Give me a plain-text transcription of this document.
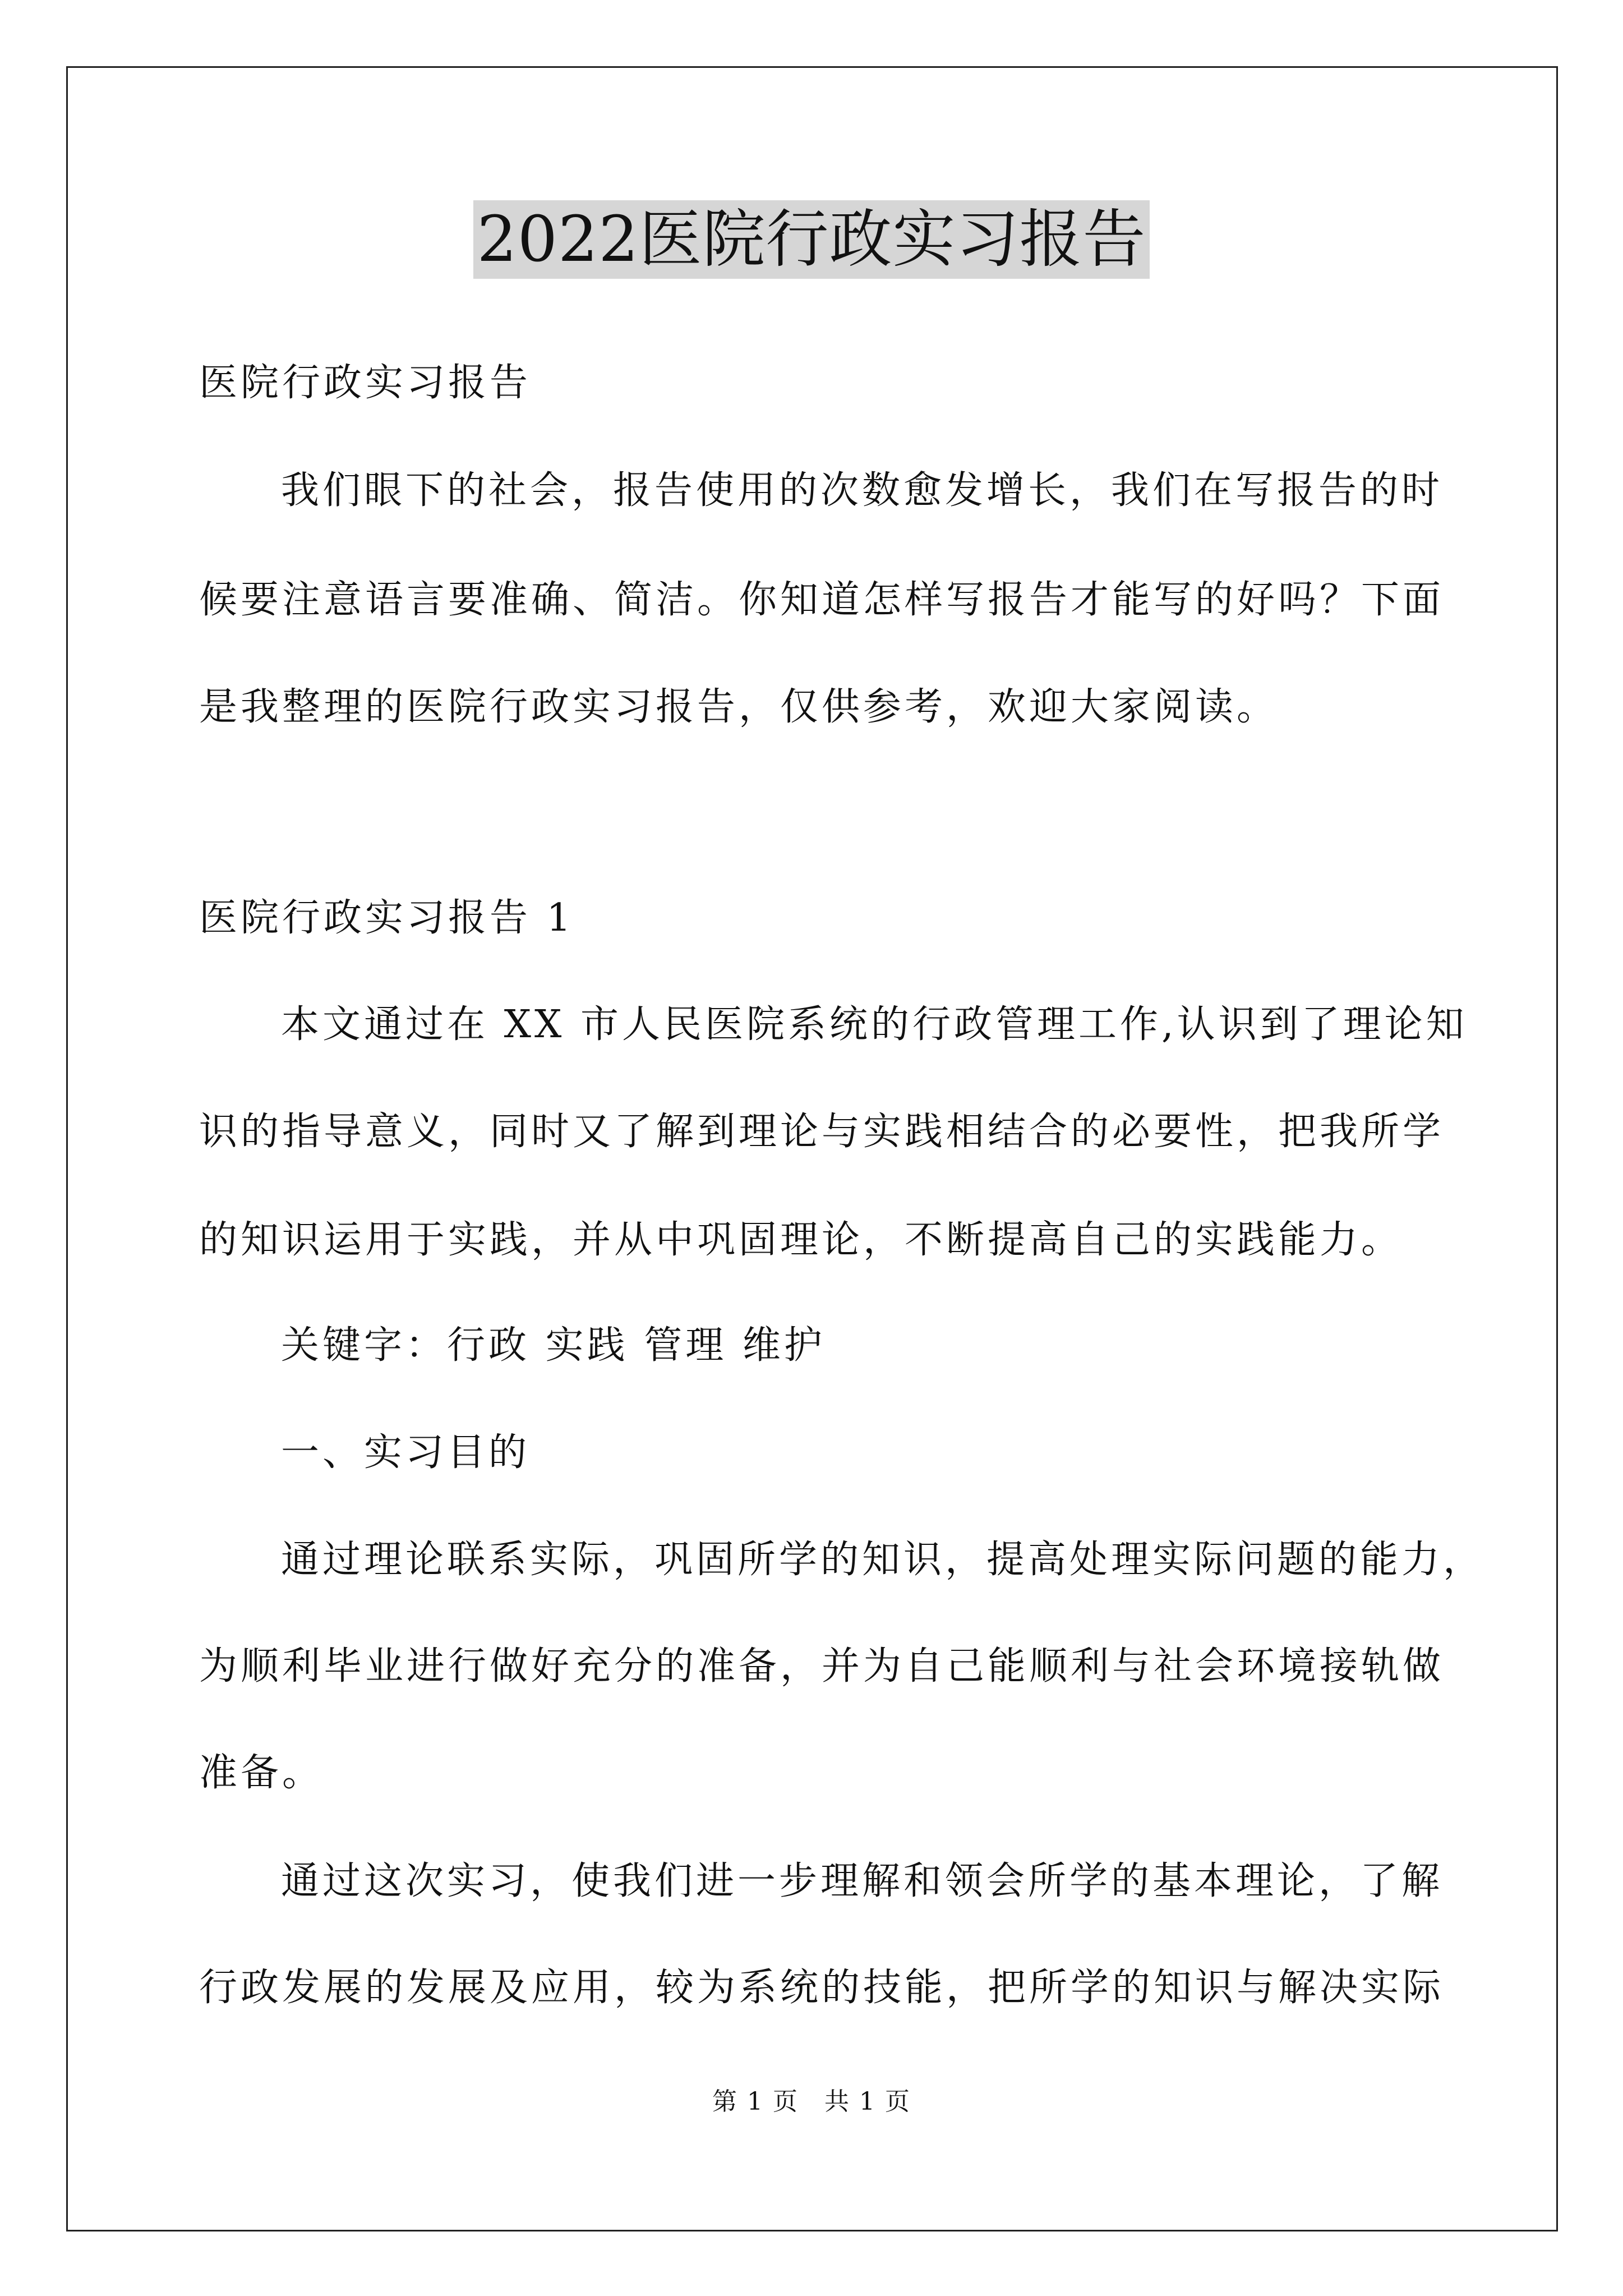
2022医院行政实习报告
医院行政实习报告
我们眼下的社会，报告使用的次数愈发增长，我们在写报告的时
候要注意语言要准确、简洁。你知道怎样写报告才能写的好吗？下面
是我整理的医院行政实习报告，仅供参考，欢迎大家阅读。
医院行政实习报告 1
本文通过在 XX 市人民医院系统的行政管理工作,认识到了理论知
识的指导意义，同时又了解到理论与实践相结合的必要性，把我所学
的知识运用于实践，并从中巩固理论，不断提高自己的实践能力。
关键字：行政 实践 管理 维护
一、实习目的
通过理论联系实际，巩固所学的知识，提高处理实际问题的能力，
为顺利毕业进行做好充分的准备，并为自己能顺利与社会环境接轨做
准备。
通过这次实习，使我们进一步理解和领会所学的基本理论，了解
行政发展的发展及应用，较为系统的技能，把所学的知识与解决实际
第 1 页　共 1 页
